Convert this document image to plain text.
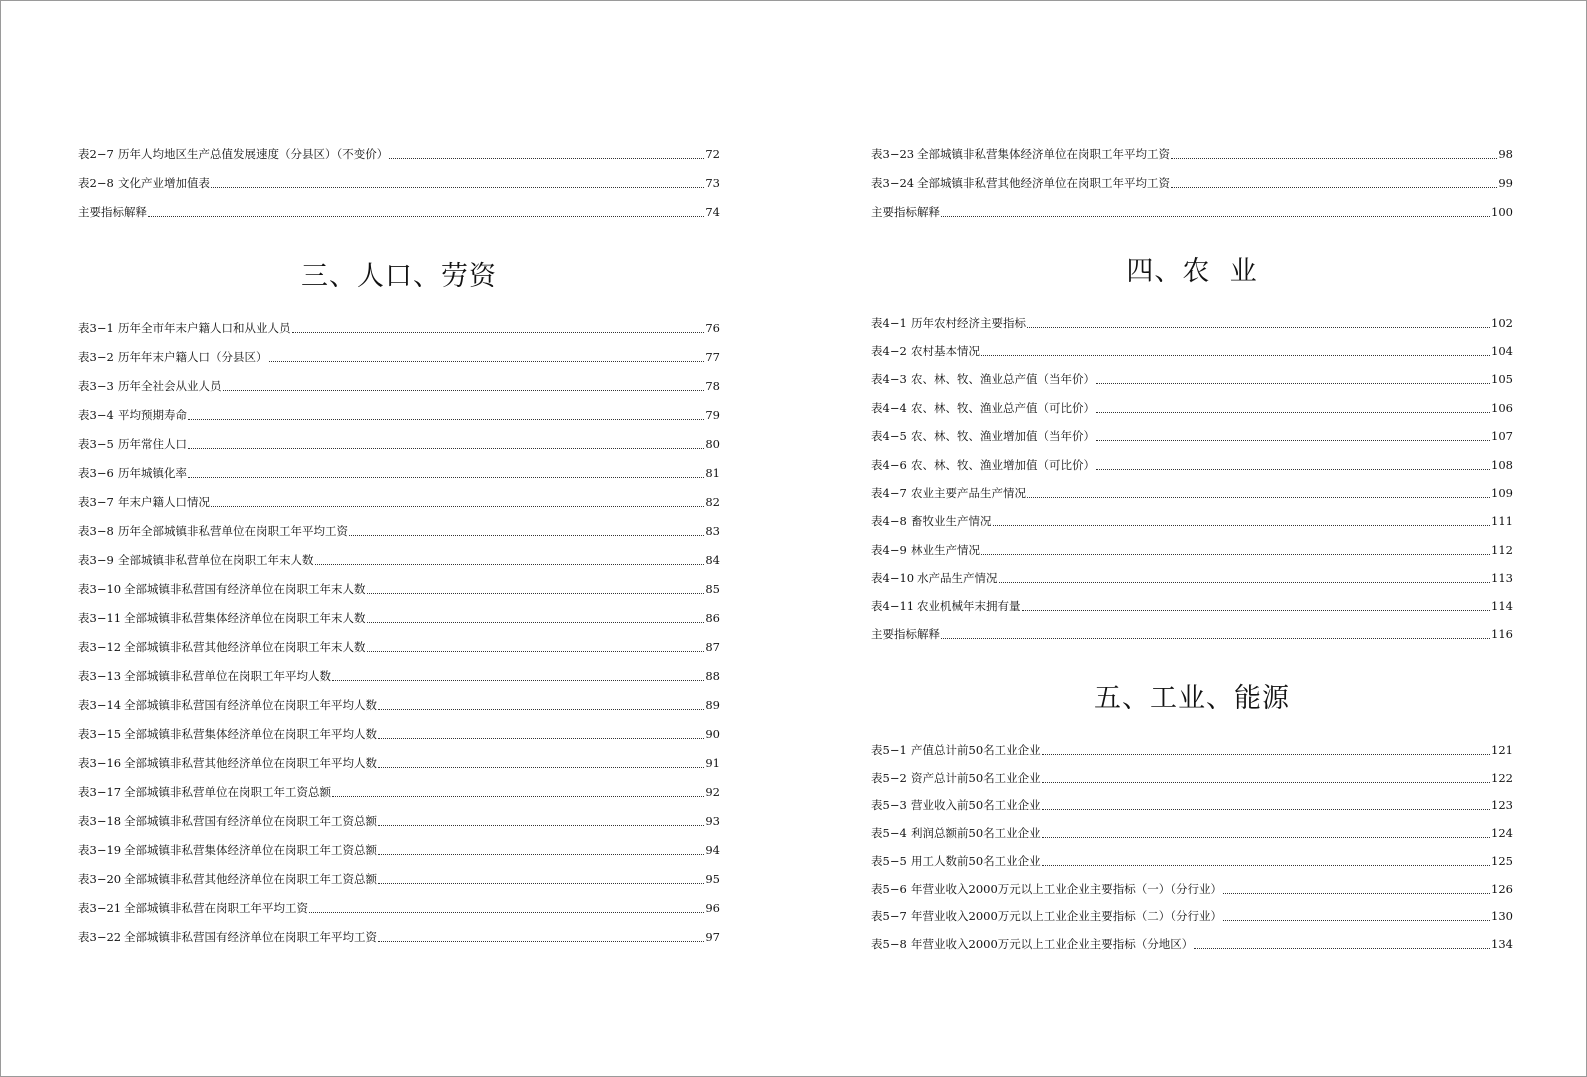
表2−7 历年人均地区生产总值发展速度（分县区）（不变价）	72
表2−8 文化产业增加值表	73
主要指标解释	74
三、人口、劳资
表3−1 历年全市年末户籍人口和从业人员	76
表3−2 历年年末户籍人口（分县区）	77
表3−3 历年全社会从业人员	78
表3−4 平均预期寿命	79
表3−5 历年常住人口	80
表3−6 历年城镇化率	81
表3−7 年末户籍人口情况	82
表3−8 历年全部城镇非私营单位在岗职工年平均工资	83
表3−9 全部城镇非私营单位在岗职工年末人数	84
表3−10 全部城镇非私营国有经济单位在岗职工年末人数	85
表3−11 全部城镇非私营集体经济单位在岗职工年末人数	86
表3−12 全部城镇非私营其他经济单位在岗职工年末人数	87
表3−13 全部城镇非私营单位在岗职工年平均人数	88
表3−14 全部城镇非私营国有经济单位在岗职工年平均人数	89
表3−15 全部城镇非私营集体经济单位在岗职工年平均人数	90
表3−16 全部城镇非私营其他经济单位在岗职工年平均人数	91
表3−17 全部城镇非私营单位在岗职工年工资总额	92
表3−18 全部城镇非私营国有经济单位在岗职工年工资总额	93
表3−19 全部城镇非私营集体经济单位在岗职工年工资总额	94
表3−20 全部城镇非私营其他经济单位在岗职工年工资总额	95
表3−21 全部城镇非私营在岗职工年平均工资	96
表3−22 全部城镇非私营国有经济单位在岗职工年平均工资	97
表3−23 全部城镇非私营集体经济单位在岗职工年平均工资	98
表3−24 全部城镇非私营其他经济单位在岗职工年平均工资	99
主要指标解释	100
四、农  业
表4−1 历年农村经济主要指标	102
表4−2 农村基本情况	104
表4−3 农、林、牧、渔业总产值（当年价）	105
表4−4 农、林、牧、渔业总产值（可比价）	106
表4−5 农、林、牧、渔业增加值（当年价）	107
表4−6 农、林、牧、渔业增加值（可比价）	108
表4−7 农业主要产品生产情况	109
表4−8 畜牧业生产情况	111
表4−9 林业生产情况	112
表4−10 水产品生产情况	113
表4−11 农业机械年末拥有量	114
主要指标解释	116
五、工业、能源
表5−1 产值总计前50名工业企业	121
表5−2 资产总计前50名工业企业	122
表5−3 营业收入前50名工业企业	123
表5−4 利润总额前50名工业企业	124
表5−5 用工人数前50名工业企业	125
表5−6 年营业收入2000万元以上工业企业主要指标（一）（分行业）	126
表5−7 年营业收入2000万元以上工业企业主要指标（二）（分行业）	130
表5−8 年营业收入2000万元以上工业企业主要指标（分地区）	134
